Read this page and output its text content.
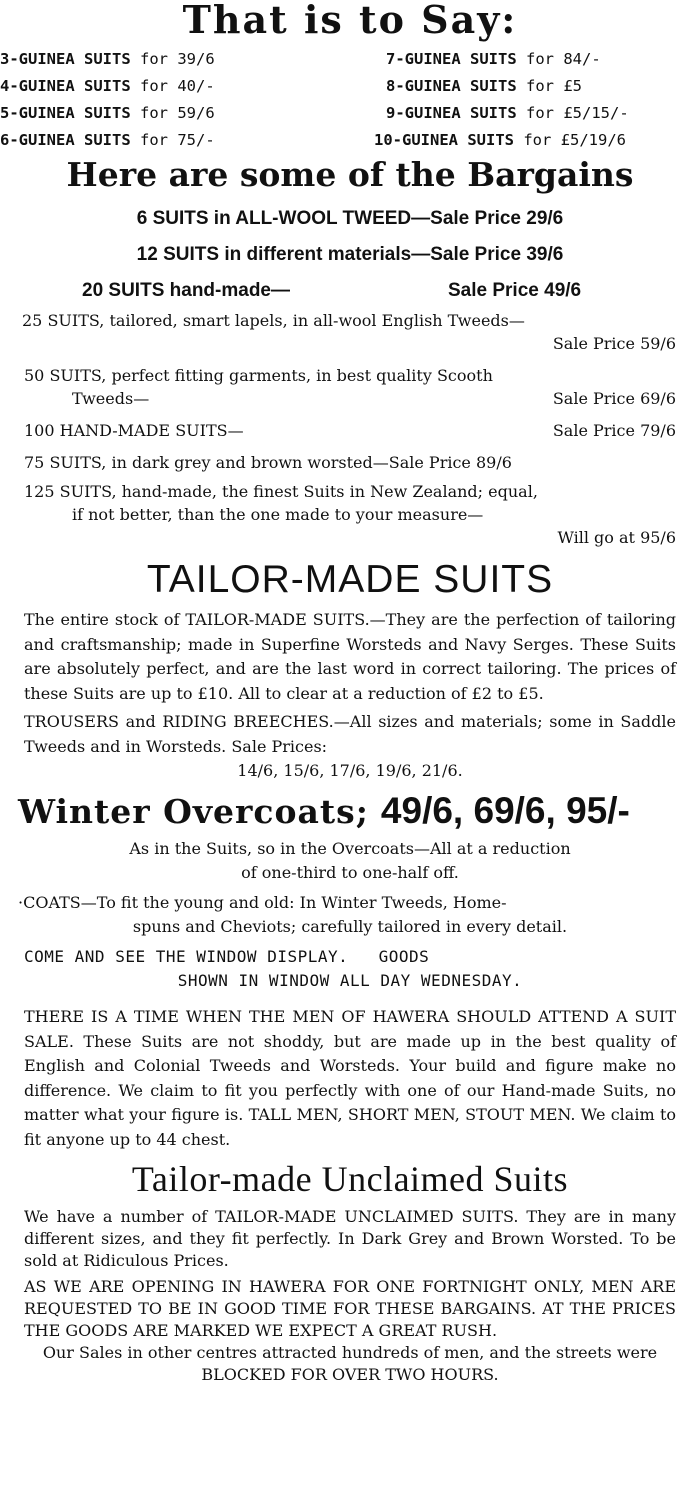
That is to Say:
3-GUINEA SUITS for 39/6
4-GUINEA SUITS for 40/-
5-GUINEA SUITS for 59/6
6-GUINEA SUITS for 75/-
7-GUINEA SUITS for 84/-
8-GUINEA SUITS for £5
9-GUINEA SUITS for £5/15/-
10-GUINEA SUITS for £5/19/6
Here are some of the Bargains
6 SUITS in ALL-WOOL TWEED—Sale Price 29/6
12 SUITS in different materials—Sale Price 39/6
20 SUITS hand-made—	Sale Price 49/6
25 SUITS, tailored, smart lapels, in all-wool English Tweeds—
Sale Price 59/6
50 SUITS, perfect fitting garments, in best quality Scooth
Tweeds—	Sale Price 69/6
100 HAND-MADE SUITS—	Sale Price 79/6
75 SUITS, in dark grey and brown worsted—Sale Price 89/6
125 SUITS, hand-made, the finest Suits in New Zealand; equal,
if not better, than the one made to your measure—
Will go at 95/6
TAILOR-MADE SUITS
The entire stock of TAILOR-MADE SUITS.—They are the perfection of tailoring and craftsmanship; made in Superfine Worsteds and Navy Serges. These Suits are absolutely perfect, and are the last word in correct tailoring. The prices of these Suits are up to £10. All to clear at a reduction of £2 to £5.
TROUSERS and RIDING BREECHES.—All sizes and materials; some in Saddle Tweeds and in Worsteds. Sale Prices:
14/6, 15/6, 17/6, 19/6, 21/6.
Winter Overcoats; 49/6, 69/6, 95/-
As in the Suits, so in the Overcoats—All at a reduction
of one-third to one-half off.
·COATS—To fit the young and old: In Winter Tweeds, Home-
spuns and Cheviots; carefully tailored in every detail.
COME AND SEE THE WINDOW DISPLAY.   GOODS
SHOWN IN WINDOW ALL DAY WEDNESDAY.
THERE IS A TIME WHEN THE MEN OF HAWERA SHOULD ATTEND A SUIT SALE. These Suits are not shoddy, but are made up in the best quality of English and Colonial Tweeds and Worsteds. Your build and figure make no difference. We claim to fit you perfectly with one of our Hand-made Suits, no matter what your figure is. TALL MEN, SHORT MEN, STOUT MEN. We claim to fit anyone up to 44 chest.
Tailor-made Unclaimed Suits
We have a number of TAILOR-MADE UNCLAIMED SUITS. They are in many different sizes, and they fit perfectly. In Dark Grey and Brown Worsted. To be sold at Ridiculous Prices.
AS WE ARE OPENING IN HAWERA FOR ONE FORTNIGHT ONLY, MEN ARE REQUESTED TO BE IN GOOD TIME FOR THESE BARGAINS. AT THE PRICES THE GOODS ARE MARKED WE EXPECT A GREAT RUSH.
Our Sales in other centres attracted hundreds of men, and the streets were BLOCKED FOR OVER TWO HOURS.
